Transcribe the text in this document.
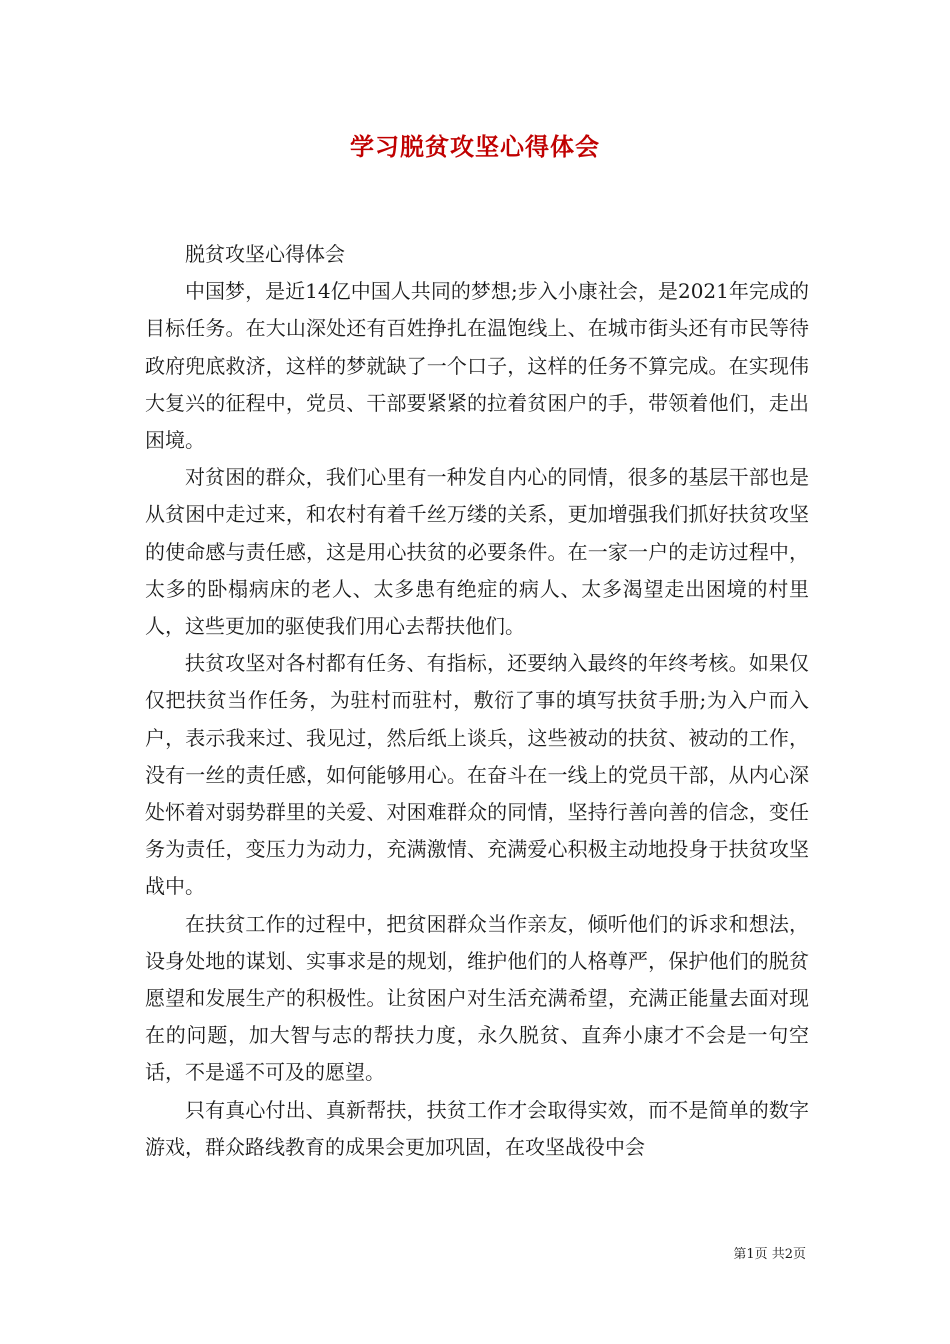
学习脱贫攻坚心得体会

脱贫攻坚心得体会

中国梦，是近14亿中国人共同的梦想;步入小康社会，是2021年完成的目标任务。在大山深处还有百姓挣扎在温饱线上、在城市街头还有市民等待政府兜底救济，这样的梦就缺了一个口子，这样的任务不算完成。在实现伟大复兴的征程中，党员、干部要紧紧的拉着贫困户的手，带领着他们，走出困境。

对贫困的群众，我们心里有一种发自内心的同情，很多的基层干部也是从贫困中走过来，和农村有着千丝万缕的关系，更加增强我们抓好扶贫攻坚的使命感与责任感，这是用心扶贫的必要条件。在一家一户的走访过程中，太多的卧榻病床的老人、太多患有绝症的病人、太多渴望走出困境的村里人，这些更加的驱使我们用心去帮扶他们。

扶贫攻坚对各村都有任务、有指标，还要纳入最终的年终考核。如果仅仅把扶贫当作任务，为驻村而驻村，敷衍了事的填写扶贫手册;为入户而入户，表示我来过、我见过，然后纸上谈兵，这些被动的扶贫、被动的工作，没有一丝的责任感，如何能够用心。在奋斗在一线上的党员干部，从内心深处怀着对弱势群里的关爱、对困难群众的同情，坚持行善向善的信念，变任务为责任，变压力为动力，充满激情、充满爱心积极主动地投身于扶贫攻坚战中。

在扶贫工作的过程中，把贫困群众当作亲友，倾听他们的诉求和想法，设身处地的谋划、实事求是的规划，维护他们的人格尊严，保护他们的脱贫愿望和发展生产的积极性。让贫困户对生活充满希望，充满正能量去面对现在的问题，加大智与志的帮扶力度，永久脱贫、直奔小康才不会是一句空话，不是遥不可及的愿望。

只有真心付出、真新帮扶，扶贫工作才会取得实效，而不是简单的数字游戏，群众路线教育的成果会更加巩固，在攻坚战役中会

第1页 共2页
